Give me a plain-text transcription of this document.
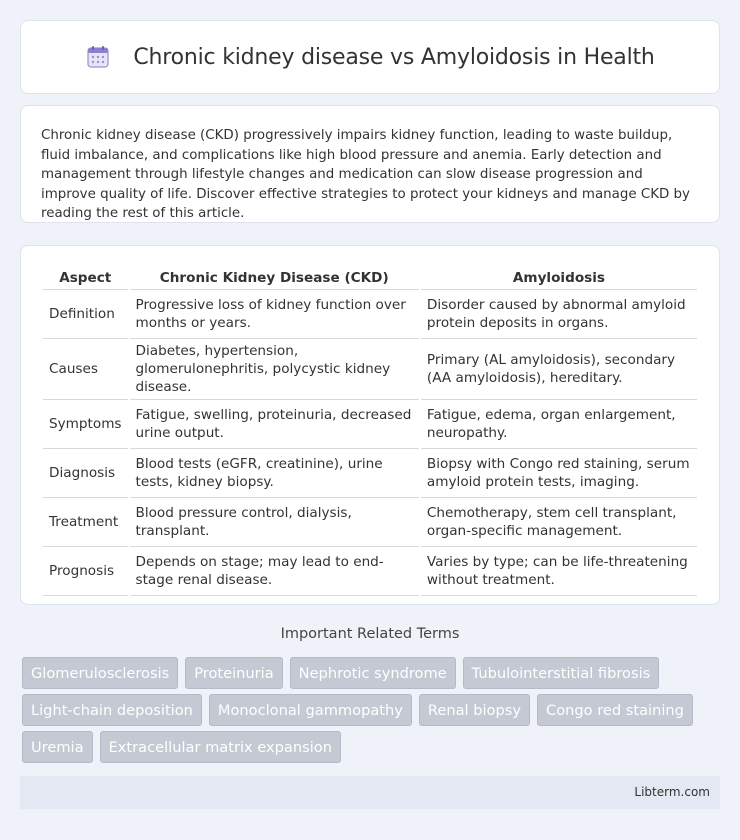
Chronic kidney disease vs Amyloidosis in Health

Chronic kidney disease (CKD) progressively impairs kidney function, leading to waste buildup, fluid imbalance, and complications like high blood pressure and anemia. Early detection and management through lifestyle changes and medication can slow disease progression and improve quality of life. Discover effective strategies to protect your kidneys and manage CKD by reading the rest of this article.

Aspect	Chronic Kidney Disease (CKD)	Amyloidosis
Definition	Progressive loss of kidney function over months or years.	Disorder caused by abnormal amyloid protein deposits in organs.
Causes	Diabetes, hypertension, glomerulonephritis, polycystic kidney disease.	Primary (AL amyloidosis), secondary (AA amyloidosis), hereditary.
Symptoms	Fatigue, swelling, proteinuria, decreased urine output.	Fatigue, edema, organ enlargement, neuropathy.
Diagnosis	Blood tests (eGFR, creatinine), urine tests, kidney biopsy.	Biopsy with Congo red staining, serum amyloid protein tests, imaging.
Treatment	Blood pressure control, dialysis, transplant.	Chemotherapy, stem cell transplant, organ-specific management.
Prognosis	Depends on stage; may lead to end-stage renal disease.	Varies by type; can be life-threatening without treatment.
Important Related Terms
Glomerulosclerosis	Proteinuria	Nephrotic syndrome	Tubulointerstitial fibrosis
Light-chain deposition	Monoclonal gammopathy	Renal biopsy	Congo red staining
Uremia	Extracellular matrix expansion
Libterm.com
